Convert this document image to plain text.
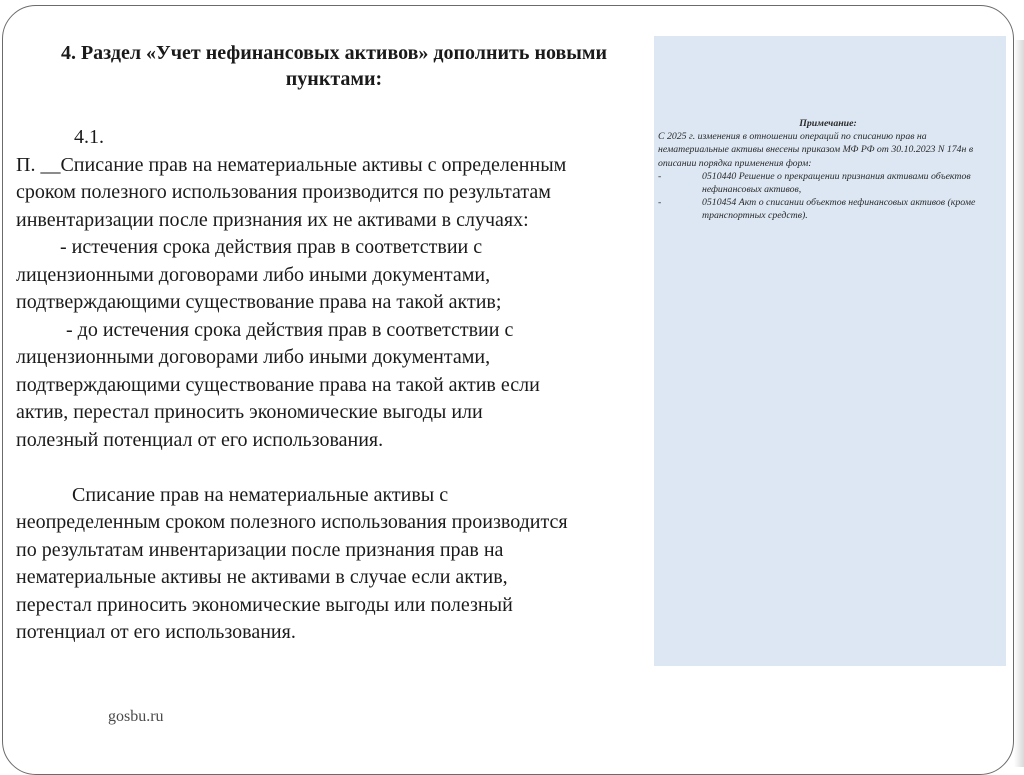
4. Раздел «Учет нефинансовых активов» дополнить новыми
пунктами:

4.1.

П. __Списание прав на нематериальные активы с определенным

сроком полезного использования производится по результатам

инвентаризации после признания их не активами в случаях:

- истечения срока действия прав в соответствии с

лицензионными договорами либо иными документами,

подтверждающими существование права на такой актив;

- до истечения срока действия прав в соответствии с

лицензионными договорами либо иными документами,

подтверждающими существование права на такой актив если

актив, перестал приносить экономические выгоды или

полезный потенциал от его использования.

Списание прав на нематериальные активы с

неопределенным сроком полезного использования производится

по результатам инвентаризации после признания прав на

нематериальные активы не активами в случае если актив,

перестал приносить экономические выгоды или полезный

потенциал от его использования.

Примечание:

С 2025 г. изменения в отношении операций по списанию прав на нематериальные активы внесены приказом МФ РФ от 30.10.2023 N 174н в описании порядка применения форм:

-	0510440 Решение о прекращении признания активами объектов нефинансовых активов,
-	0510454 Акт о списании объектов нефинансовых активов (кроме транспортных средств).
gosbu.ru
